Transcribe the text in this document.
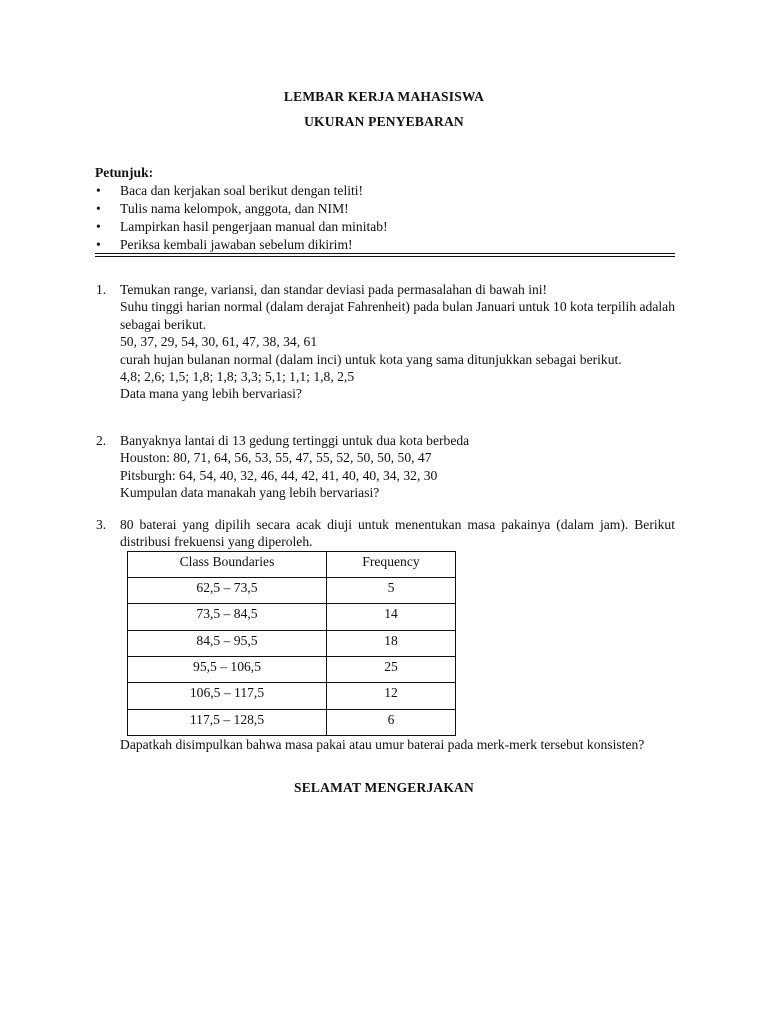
LEMBAR KERJA MAHASISWA
UKURAN PENYEBARAN
Petunjuk:
• Baca dan kerjakan soal berikut dengan teliti!
• Tulis nama kelompok, anggota, dan NIM!
• Lampirkan hasil pengerjaan manual dan minitab!
• Periksa kembali jawaban sebelum dikirim!
1. Temukan range, variansi, dan standar deviasi pada permasalahan di bawah ini!

Suhu tinggi harian normal (dalam derajat Fahrenheit) pada bulan Januari untuk 10 kota terpilih adalah sebagai berikut.

50, 37, 29, 54, 30, 61, 47, 38, 34, 61

curah hujan bulanan normal (dalam inci) untuk kota yang sama ditunjukkan sebagai berikut.

4,8; 2,6; 1,5; 1,8; 1,8; 3,3; 5,1; 1,1; 1,8, 2,5

Data mana yang lebih bervariasi?

2. Banyaknya lantai di 13 gedung tertinggi untuk dua kota berbeda

Houston: 80, 71, 64, 56, 53, 55, 47, 55, 52, 50, 50, 50, 47

Pitsburgh: 64, 54, 40, 32, 46, 44, 42, 41, 40, 40, 34, 32, 30

Kumpulan data manakah yang lebih bervariasi?

3. 80 baterai yang dipilih secara acak diuji untuk menentukan masa pakainya (dalam jam). Berikut distribusi frekuensi yang diperoleh.

Class Boundaries	Frequency
62,5 – 73,5	5
73,5 – 84,5	14
84,5 – 95,5	18
95,5 – 106,5	25
106,5 – 117,5	12
117,5 – 128,5	6

Dapatkah disimpulkan bahwa masa pakai atau umur baterai pada merk-merk tersebut konsisten?

SELAMAT MENGERJAKAN
